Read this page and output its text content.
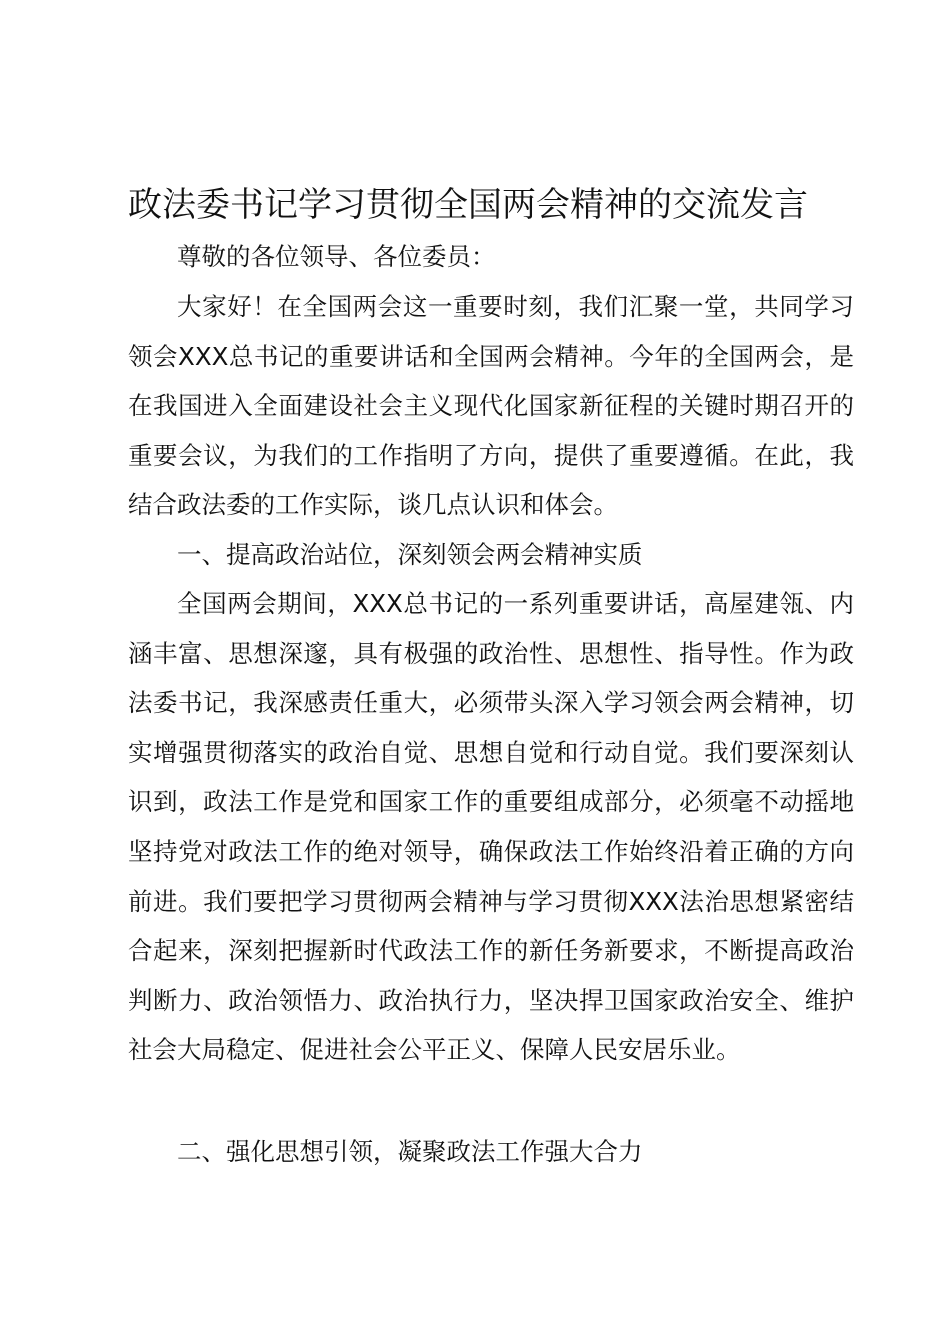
政法委书记学习贯彻全国两会精神的交流发言

尊敬的各位领导、各位委员：

大家好！在全国两会这一重要时刻，我们汇聚一堂，共同学习领会XXX总书记的重要讲话和全国两会精神。今年的全国两会，是在我国进入全面建设社会主义现代化国家新征程的关键时期召开的重要会议，为我们的工作指明了方向，提供了重要遵循。在此，我结合政法委的工作实际，谈几点认识和体会。

一、提高政治站位，深刻领会两会精神实质

全国两会期间，XXX总书记的一系列重要讲话，高屋建瓴、内涵丰富、思想深邃，具有极强的政治性、思想性、指导性。作为政法委书记，我深感责任重大，必须带头深入学习领会两会精神，切实增强贯彻落实的政治自觉、思想自觉和行动自觉。我们要深刻认识到，政法工作是党和国家工作的重要组成部分，必须毫不动摇地坚持党对政法工作的绝对领导，确保政法工作始终沿着正确的方向前进。我们要把学习贯彻两会精神与学习贯彻XXX法治思想紧密结合起来，深刻把握新时代政法工作的新任务新要求，不断提高政治判断力、政治领悟力、政治执行力，坚决捍卫国家政治安全、维护社会大局稳定、促进社会公平正义、保障人民安居乐业。

二、强化思想引领，凝聚政法工作强大合力
